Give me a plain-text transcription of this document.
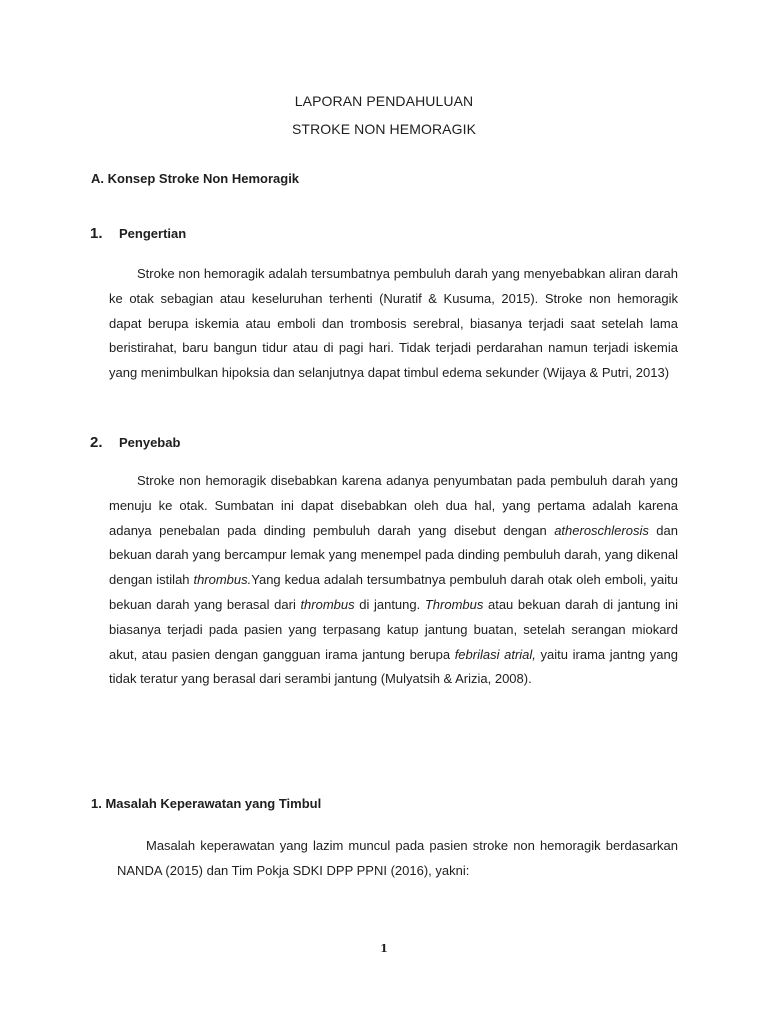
LAPORAN PENDAHULUAN
STROKE NON HEMORAGIK
A. Konsep Stroke Non Hemoragik
1. Pengertian

Stroke non hemoragik adalah tersumbatnya pembuluh darah yang menyebabkan aliran darah ke otak sebagian atau keseluruhan terhenti (Nuratif & Kusuma, 2015). Stroke non hemoragik dapat berupa iskemia atau emboli dan trombosis serebral, biasanya terjadi saat setelah lama beristirahat, baru bangun tidur atau di pagi hari. Tidak terjadi perdarahan namun terjadi iskemia yang menimbulkan hipoksia dan selanjutnya dapat timbul edema sekunder (Wijaya & Putri, 2013)

2. Penyebab

Stroke non hemoragik disebabkan karena adanya penyumbatan pada pembuluh darah yang menuju ke otak. Sumbatan ini dapat disebabkan oleh dua hal, yang pertama adalah karena adanya penebalan pada dinding pembuluh darah yang disebut dengan atheroschlerosis dan bekuan darah yang bercampur lemak yang menempel pada dinding pembuluh darah, yang dikenal dengan istilah thrombus.Yang kedua adalah tersumbatnya pembuluh darah otak oleh emboli, yaitu bekuan darah yang berasal dari thrombus di jantung. Thrombus atau bekuan darah di jantung ini biasanya terjadi pada pasien yang terpasang katup jantung buatan, setelah serangan miokard akut, atau pasien dengan gangguan irama jantung berupa febrilasi atrial, yaitu irama jantng yang tidak teratur yang berasal dari serambi jantung (Mulyatsih & Arizia, 2008).

1. Masalah Keperawatan yang Timbul

Masalah keperawatan yang lazim muncul pada pasien stroke non hemoragik berdasarkan NANDA (2015) dan Tim Pokja SDKI DPP PPNI (2016), yakni:

1
